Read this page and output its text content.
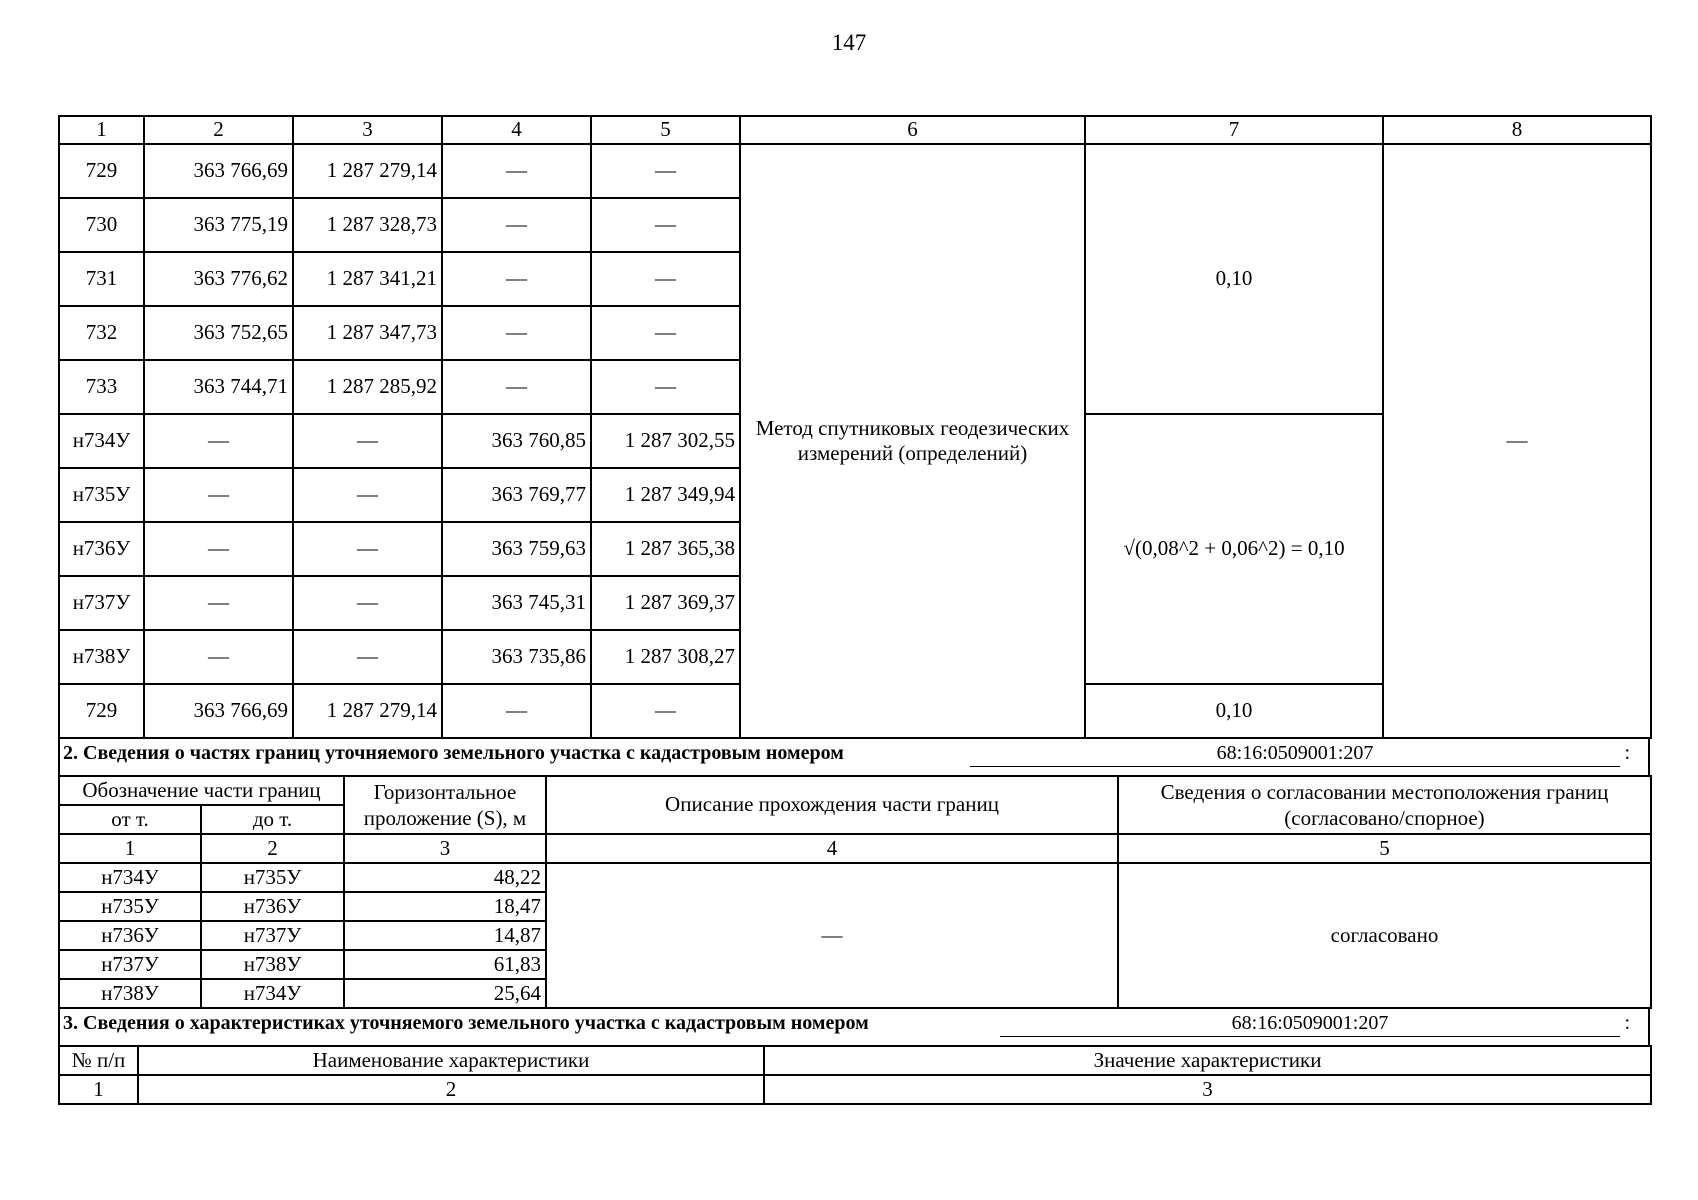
147
1	2	3	4	5	6	7	8
729	363 766,69	1 287 279,14	—	—	Метод спутниковых геодезических измерений (определений)	0,10	—
730	363 775,19	1 287 328,73	—	—			
731	363 776,62	1 287 341,21	—	—			
732	363 752,65	1 287 347,73	—	—			
733	363 744,71	1 287 285,92	—	—			
н734У	—	—	363 760,85	1 287 302,55		√(0,08^2 + 0,06^2) = 0,10	
н735У	—	—	363 769,77	1 287 349,94			
н736У	—	—	363 759,63	1 287 365,38			
н737У	—	—	363 745,31	1 287 369,37			
н738У	—	—	363 735,86	1 287 308,27			
729	363 766,69	1 287 279,14	—	—		0,10	
2. Сведения о частях границ уточняемого земельного участка с кадастровым номером	68:16:0509001:207	:
Обозначение части границ		Горизонтальное проложение (S), м	Описание прохождения части границ	Сведения о согласовании местоположения границ (согласовано/спорное)
от т.	до т.			
1	2	3	4	5
н734У	н735У	48,22	—	согласовано
н735У	н736У	18,47		
н736У	н737У	14,87		
н737У	н738У	61,83		
н738У	н734У	25,64		
3. Сведения о характеристиках уточняемого земельного участка с кадастровым номером	68:16:0509001:207	:
№ п/п	Наименование характеристики	Значение характеристики
1	2	3
